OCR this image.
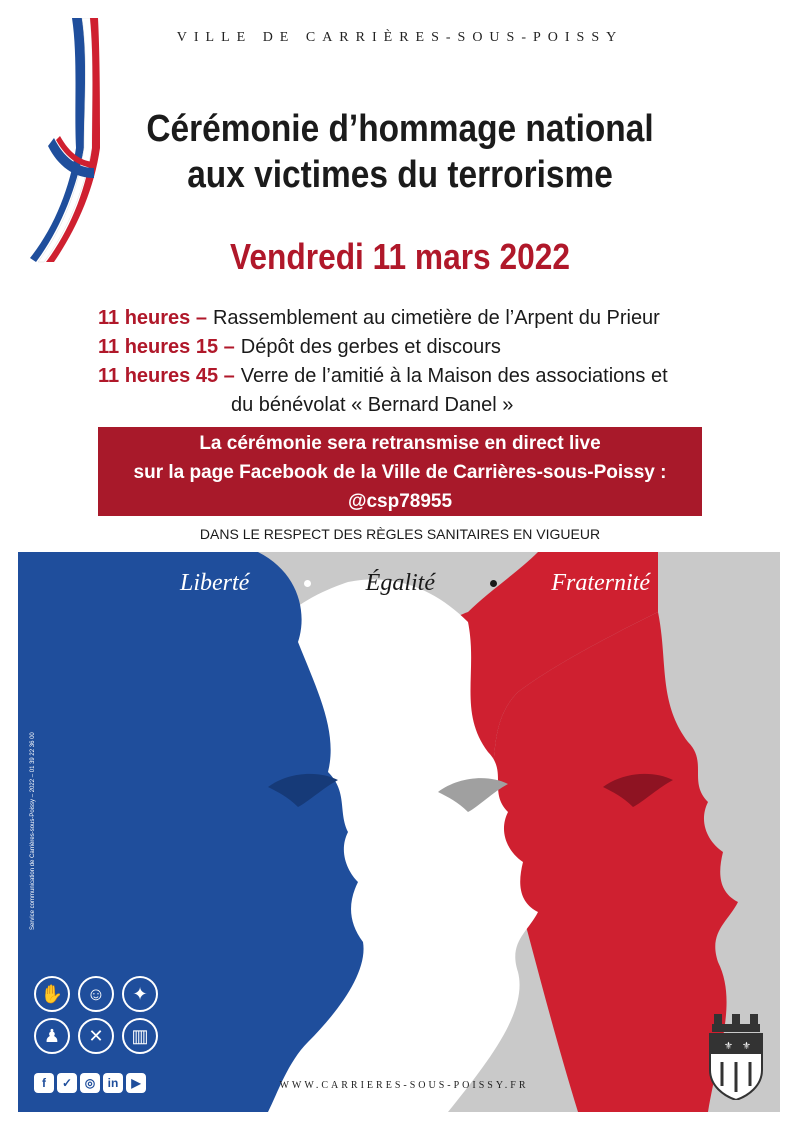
VILLE DE CARRIÈRES-SOUS-POISSY
Cérémonie d’hommage national
aux victimes du terrorisme
Vendredi 11 mars 2022
11 heures – Rassemblement au cimetière de l’Arpent du Prieur
11 heures 15 – Dépôt des gerbes et discours
11 heures 45 – Verre de l’amitié à la Maison des associations et
du bénévolat « Bernard Danel »
La cérémonie sera retransmise en direct live
sur la page Facebook de la Ville de Carrières-sous-Poissy :
@csp78955
DANS LE RESPECT DES RÈGLES SANITAIRES EN VIGUEUR
Liberté	Égalité	Fraternité
Service communication de Carrières-sous-Poissy – 2022 – 01 39 22 36 00
✋	☺	✦
♟	✕	▥
f	✓	◎	in	▶	WWW.CARRIERES-SOUS-POISSY.FR
⚜ ⚜
